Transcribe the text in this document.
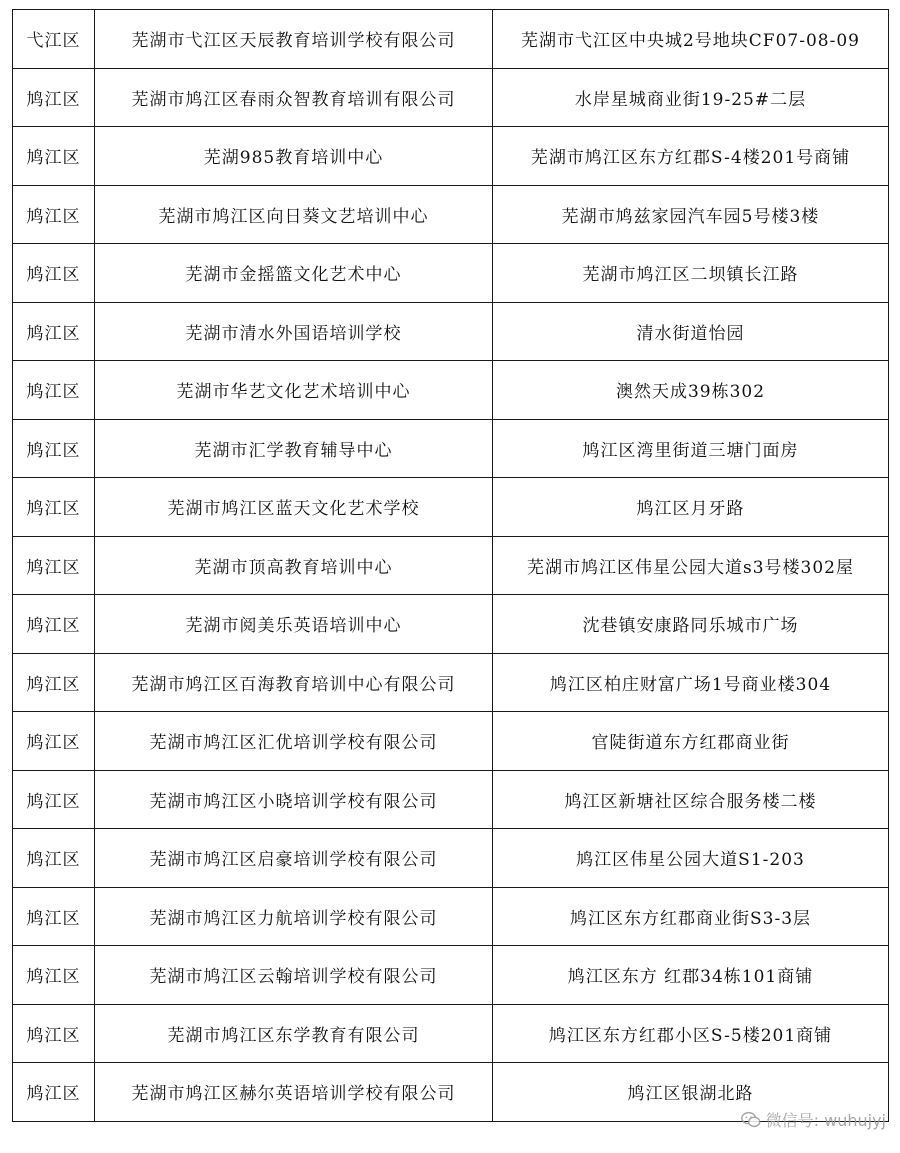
弋江区	芜湖市弋江区天辰教育培训学校有限公司	芜湖市弋江区中央城2号地块CF07-08-09
鸠江区	芜湖市鸠江区春雨众智教育培训有限公司	水岸星城商业街19-25#二层
鸠江区	芜湖985教育培训中心	芜湖市鸠江区东方红郡S-4楼201号商铺
鸠江区	芜湖市鸠江区向日葵文艺培训中心	芜湖市鸠兹家园汽车园5号楼3楼
鸠江区	芜湖市金摇篮文化艺术中心	芜湖市鸠江区二坝镇长江路
鸠江区	芜湖市清水外国语培训学校	清水街道怡园
鸠江区	芜湖市华艺文化艺术培训中心	澳然天成39栋302
鸠江区	芜湖市汇学教育辅导中心	鸠江区湾里街道三塘门面房
鸠江区	芜湖市鸠江区蓝天文化艺术学校	鸠江区月牙路
鸠江区	芜湖市顶高教育培训中心	芜湖市鸠江区伟星公园大道s3号楼302屋
鸠江区	芜湖市阅美乐英语培训中心	沈巷镇安康路同乐城市广场
鸠江区	芜湖市鸠江区百海教育培训中心有限公司	鸠江区柏庄财富广场1号商业楼304
鸠江区	芜湖市鸠江区汇优培训学校有限公司	官陡街道东方红郡商业街
鸠江区	芜湖市鸠江区小晓培训学校有限公司	鸠江区新塘社区综合服务楼二楼
鸠江区	芜湖市鸠江区启豪培训学校有限公司	鸠江区伟星公园大道S1-203
鸠江区	芜湖市鸠江区力航培训学校有限公司	鸠江区东方红郡商业街S3-3层
鸠江区	芜湖市鸠江区云翰培训学校有限公司	鸠江区东方 红郡34栋101商铺
鸠江区	芜湖市鸠江区东学教育有限公司	鸠江区东方红郡小区S-5楼201商铺
鸠江区	芜湖市鸠江区赫尔英语培训学校有限公司	鸠江区银湖北路
微信号: wuhujyj
